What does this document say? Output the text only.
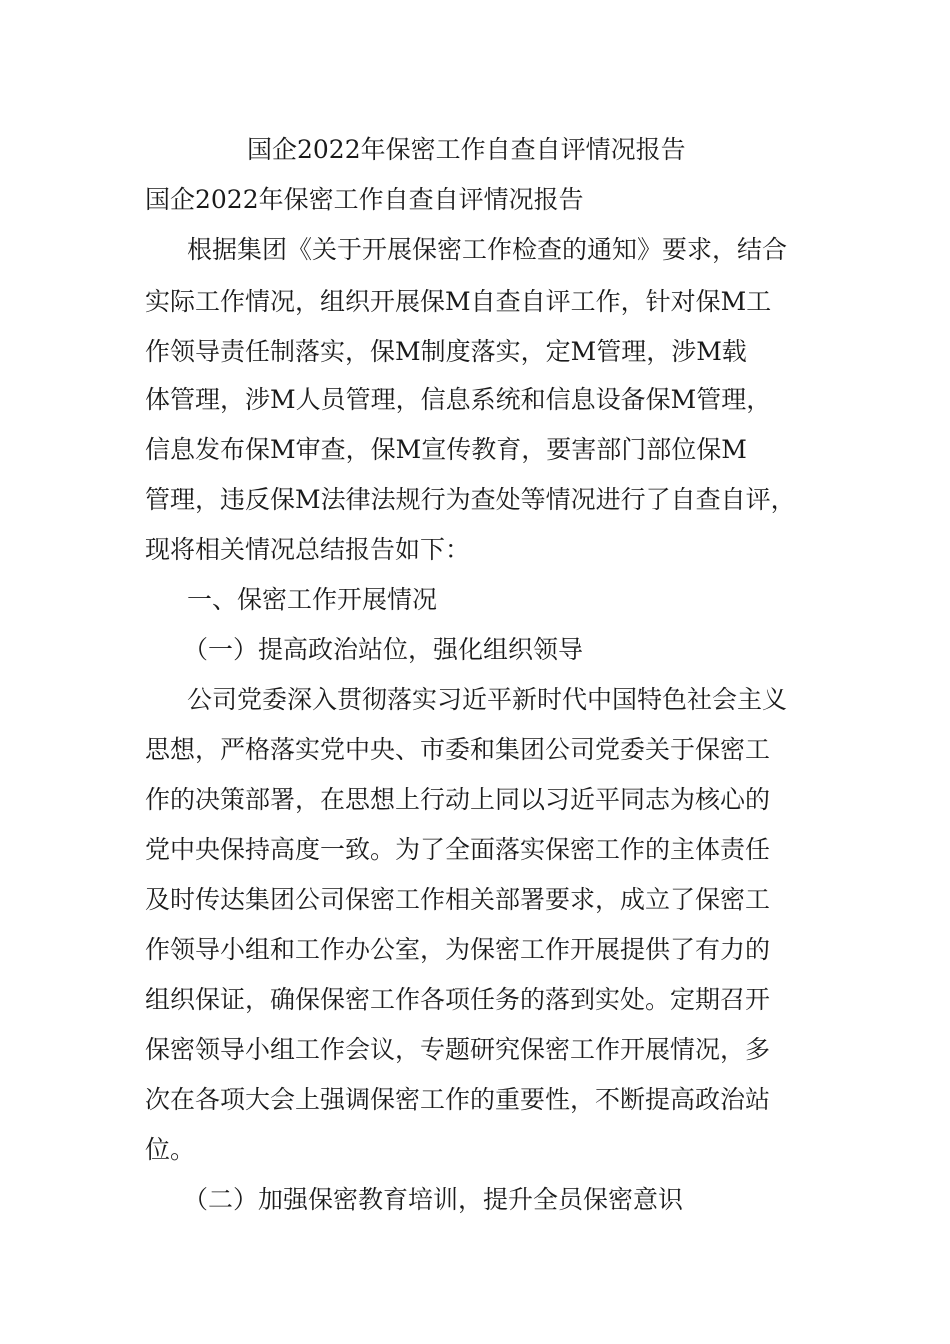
国企2022年保密工作自查自评情况报告
国企2022年保密工作自查自评情况报告

根据集团《关于开展保密工作检查的通知》要求，结合

实际工作情况，组织开展保M自查自评工作，针对保M工

作领导责任制落实，保M制度落实，定M管理，涉M载

体管理，涉M人员管理，信息系统和信息设备保M管理，

信息发布保M审查，保M宣传教育，要害部门部位保M

管理，违反保M法律法规行为查处等情况进行了自查自评，

现将相关情况总结报告如下：

一、保密工作开展情况

（一）提高政治站位，强化组织领导

公司党委深入贯彻落实习近平新时代中国特色社会主义

思想，严格落实党中央、市委和集团公司党委关于保密工

作的决策部署，在思想上行动上同以习近平同志为核心的

党中央保持高度一致。为了全面落实保密工作的主体责任

及时传达集团公司保密工作相关部署要求，成立了保密工

作领导小组和工作办公室，为保密工作开展提供了有力的

组织保证，确保保密工作各项任务的落到实处。定期召开

保密领导小组工作会议，专题研究保密工作开展情况，多

次在各项大会上强调保密工作的重要性，不断提高政治站

位。

（二）加强保密教育培训，提升全员保密意识
